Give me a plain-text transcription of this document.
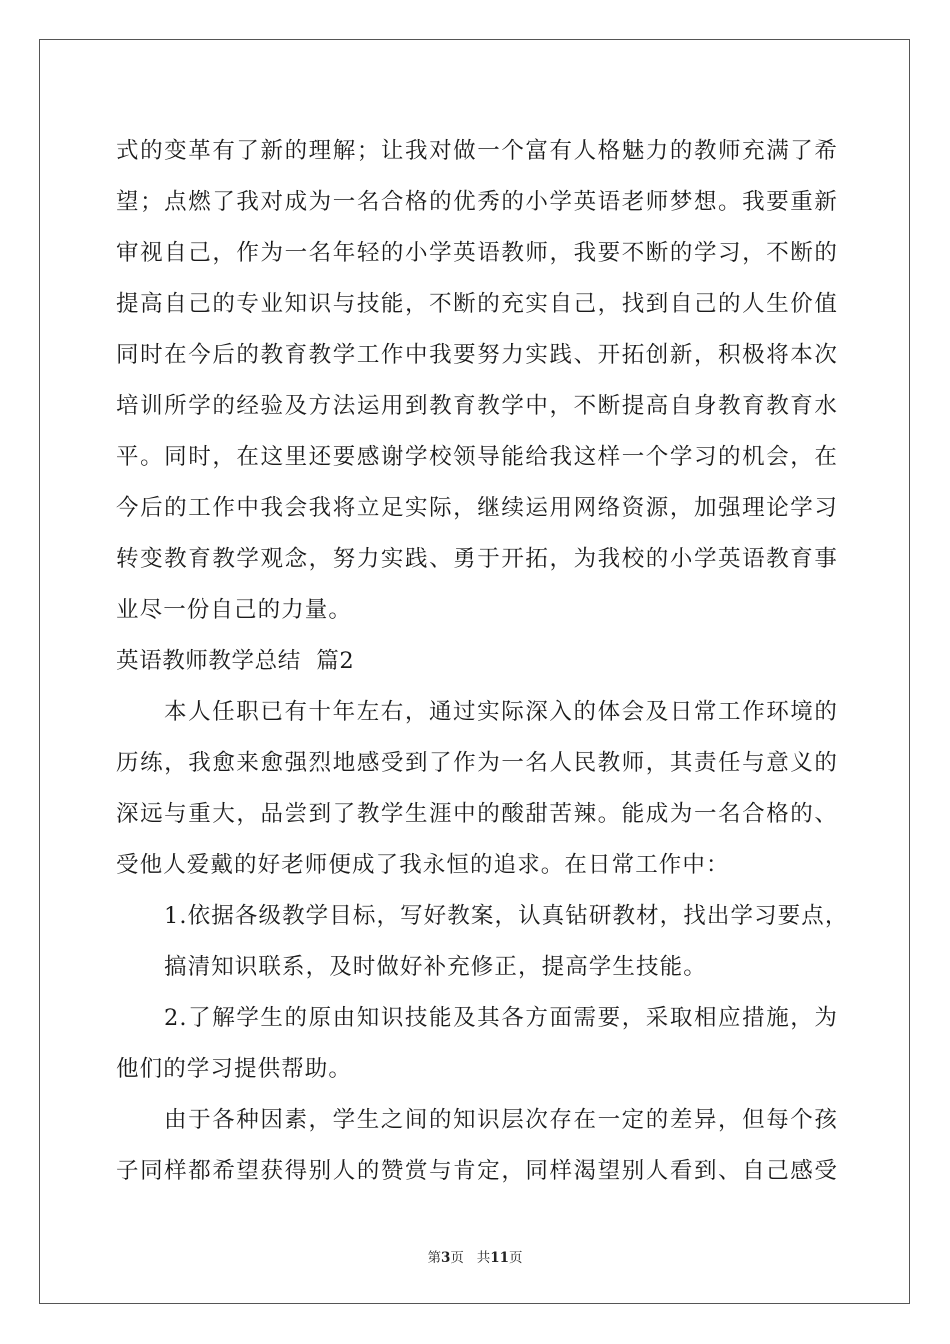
式的变革有了新的理解；让我对做一个富有人格魅力的教师充满了希
望；点燃了我对成为一名合格的优秀的小学英语老师梦想。我要重新
审视自己，作为一名年轻的小学英语教师，我要不断的学习，不断的
提高自己的专业知识与技能，不断的充实自己，找到自己的人生价值
同时在今后的教育教学工作中我要努力实践、开拓创新，积极将本次
培训所学的经验及方法运用到教育教学中，不断提高自身教育教育水
平。同时，在这里还要感谢学校领导能给我这样一个学习的机会，在
今后的工作中我会我将立足实际，继续运用网络资源，加强理论学习
转变教育教学观念，努力实践、勇于开拓，为我校的小学英语教育事
业尽一份自己的力量。
英语教师教学总结  篇2
本人任职已有十年左右，通过实际深入的体会及日常工作环境的
历练，我愈来愈强烈地感受到了作为一名人民教师，其责任与意义的
深远与重大，品尝到了教学生涯中的酸甜苦辣。能成为一名合格的、
受他人爱戴的好老师便成了我永恒的追求。在日常工作中：
1.依据各级教学目标，写好教案，认真钻研教材，找出学习要点，
搞清知识联系，及时做好补充修正，提高学生技能。
2.了解学生的原由知识技能及其各方面需要，采取相应措施，为
他们的学习提供帮助。
由于各种因素，学生之间的知识层次存在一定的差异，但每个孩
子同样都希望获得别人的赞赏与肯定，同样渴望别人看到、自己感受
第3页 共11页
